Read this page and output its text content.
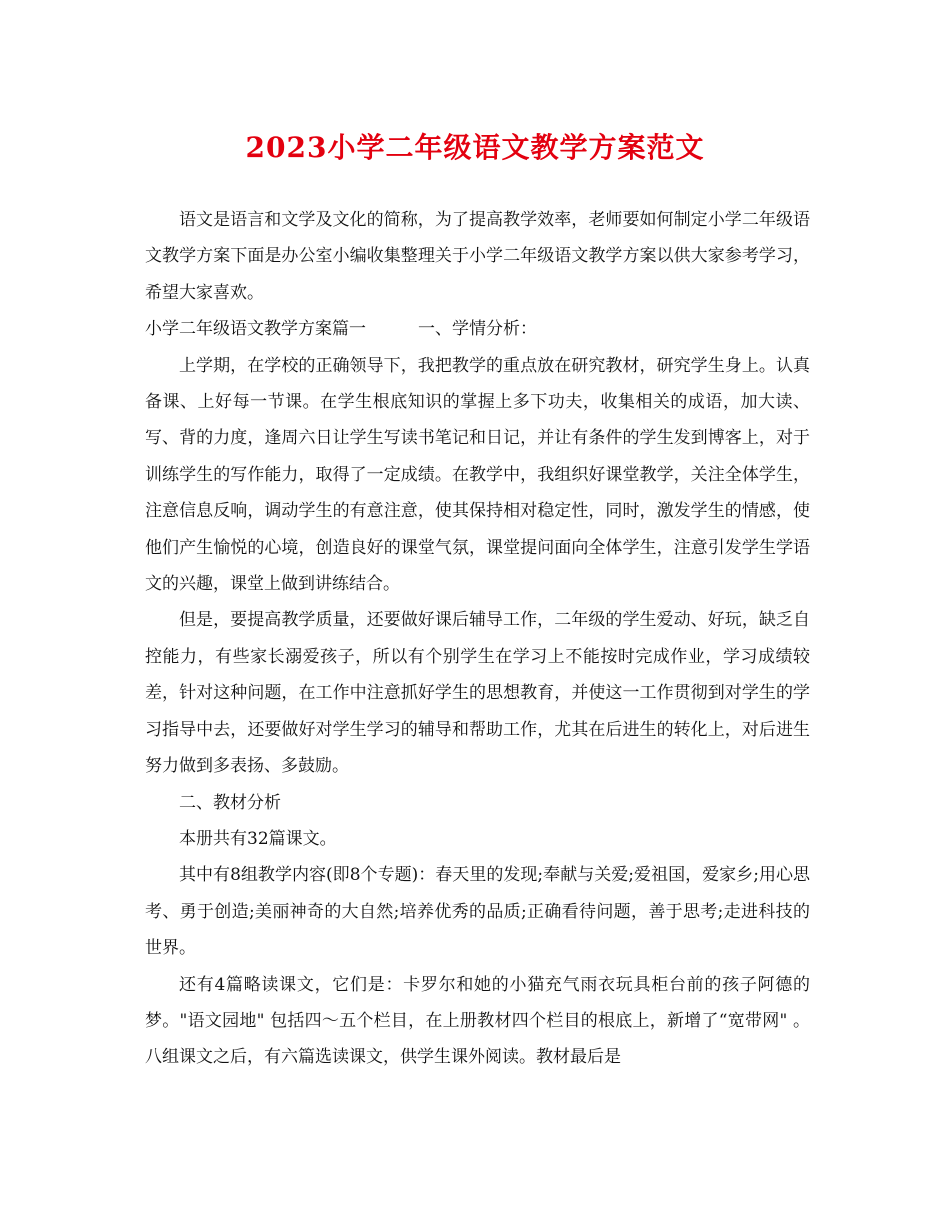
2023小学二年级语文教学方案范文

语文是语言和文学及文化的简称，为了提高教学效率，老师要如何制定小学二年级语文教学方案下面是办公室小编收集整理关于小学二年级语文教学方案以供大家参考学习，希望大家喜欢。

小学二年级语文教学方案篇一	一、学情分析：

上学期，在学校的正确领导下，我把教学的重点放在研究教材，研究学生身上。认真备课、上好每一节课。在学生根底知识的掌握上多下功夫，收集相关的成语，加大读、写、背的力度，逢周六日让学生写读书笔记和日记，并让有条件的学生发到博客上，对于训练学生的写作能力，取得了一定成绩。在教学中，我组织好课堂教学，关注全体学生，注意信息反响，调动学生的有意注意，使其保持相对稳定性，同时，激发学生的情感，使他们产生愉悦的心境，创造良好的课堂气氛，课堂提问面向全体学生，注意引发学生学语文的兴趣，课堂上做到讲练结合。

但是，要提高教学质量，还要做好课后辅导工作，二年级的学生爱动、好玩，缺乏自控能力，有些家长溺爱孩子，所以有个别学生在学习上不能按时完成作业，学习成绩较差，针对这种问题，在工作中注意抓好学生的思想教育，并使这一工作贯彻到对学生的学习指导中去，还要做好对学生学习的辅导和帮助工作，尤其在后进生的转化上，对后进生努力做到多表扬、多鼓励。

二、教材分析

本册共有32篇课文。

其中有8组教学内容(即8个专题)：春天里的发现;奉献与关爱;爱祖国，爱家乡;用心思考、勇于创造;美丽神奇的大自然;培养优秀的品质;正确看待问题，善于思考;走进科技的世界。

还有4篇略读课文，它们是：卡罗尔和她的小猫充气雨衣玩具柜台前的孩子阿德的梦。"语文园地" 包括四～五个栏目，在上册教材四个栏目的根底上，新增了“宽带网" 。八组课文之后，有六篇选读课文，供学生课外阅读。教材最后是
